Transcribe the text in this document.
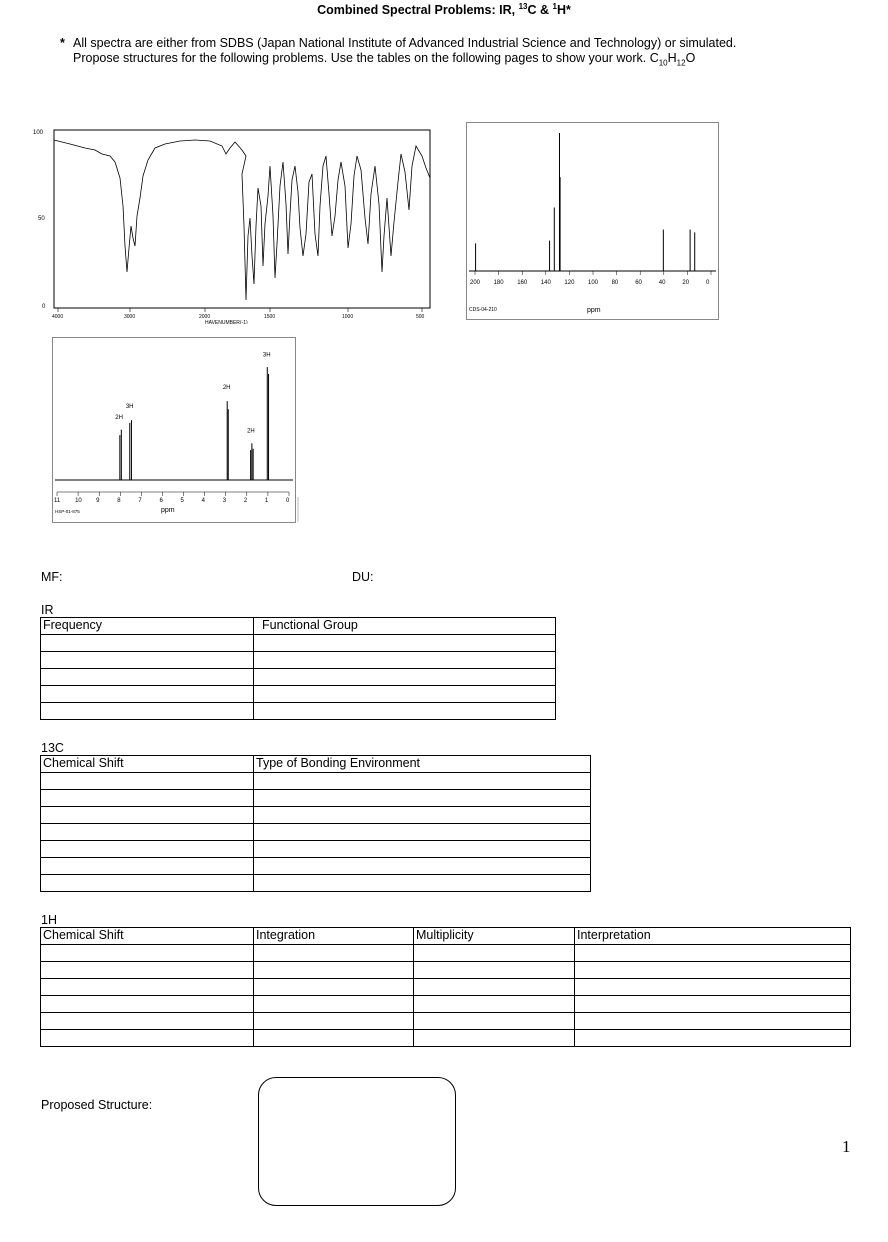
Combined Spectral Problems: IR, $^{13}$C & $^1$H*
* All spectra are either from SDBS (Japan National Institute of Advanced Industrial Science and Technology) or simulated. Propose structures for the following problems. Use the tables on the following pages to show your work. $C_{10}H_{12}O$
100
50
0
4000	3000	2000	1500	1000	500
HAVENUMBER(-1)
200 180 160 140 120 100 80	60	40	20	0
CDS-04-210	ppm
2H
3H
2H
2H
3H
11 10 9	8	7	6	5	4	3	2	1	0
HSP-01-875	ppm
MF:	DU:
IR
Frequency	Functional Group

13C
Chemical Shift	Type of Bonding Environment

1H
Chemical Shift	Integration	Multiplicity	Interpretation

Proposed Structure:
1
